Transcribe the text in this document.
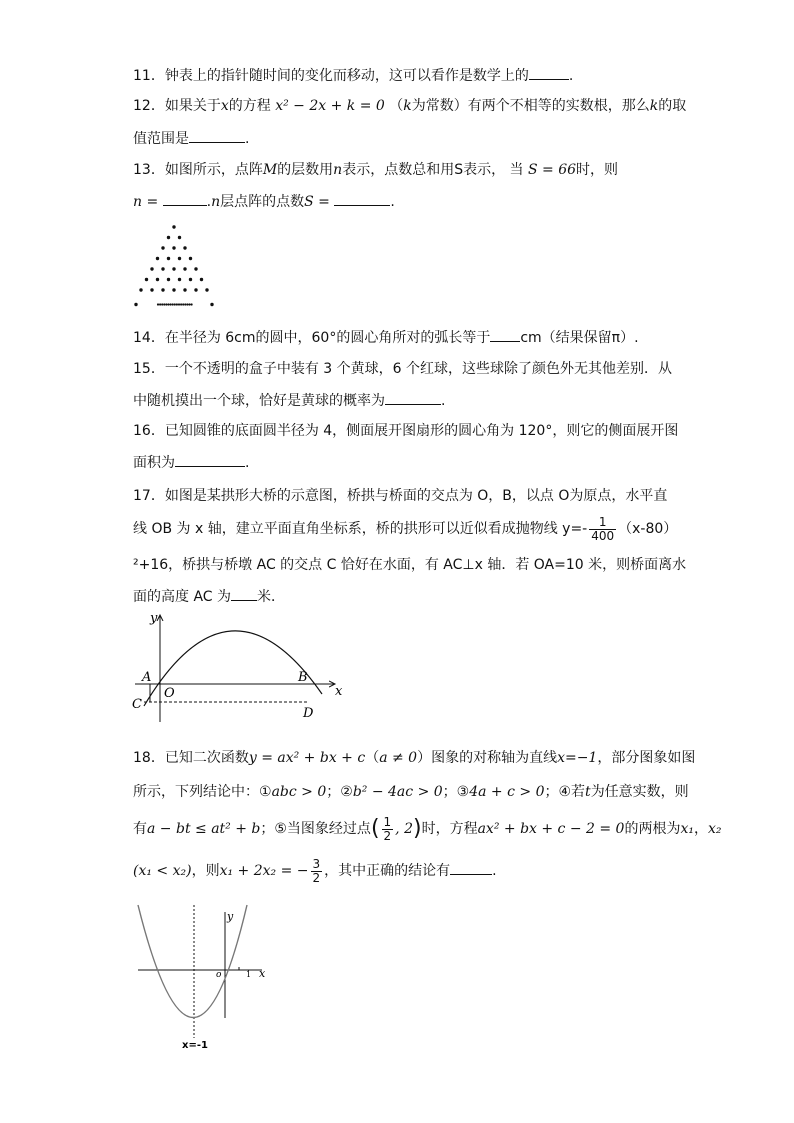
11．钟表上的指针随时间的变化而移动，这可以看作是数学上的	.
12．如果关于x的方程 x² − 2x + k = 0 （k为常数）有两个不相等的实数根，那么k的取
值范围是	.
13．如图所示，点阵M的层数用n表示，点数总和用S表示， 当 S = 66时，则
n =	.n层点阵的点数S =	.
14．在半径为 6cm的圆中，60°的圆心角所对的弧长等于 cm（结果保留π）.
15．一个不透明的盒子中装有 3 个黄球，6 个红球，这些球除了颜色外无其他差别．从
中随机摸出一个球，恰好是黄球的概率为	.
16．已知圆锥的底面圆半径为 4，侧面展开图扇形的圆心角为 120°，则它的侧面展开图
面积为	.
17．如图是某拱形大桥的示意图，桥拱与桥面的交点为 O，B，以点 O为原点，水平直
线 OB 为 x 轴，建立平面直角坐标系，桥的拱形可以近似看成抛物线 $y=- \frac{1}{400} (x-80)$
²+16，桥拱与桥墩 AC 的交点 C 恰好在水面，有 AC⊥x 轴．若 OA=10 米，则桥面离水
面的高度 AC 为 米．
y
x
A
O
B
C
D
18．已知二次函数y = ax² + bx + c（a ≠ 0）图象的对称轴为直线x=−1，部分图象如图
所示，下列结论中：①abc > 0；②b² − 4ac > 0；③4a + c > 0；④若t为任意实数，则
有a − bt ≤ at² + b；⑤当图象经过点( $\frac{1}{2}$ , 2)时，方程ax² + bx + c − 2 = 0的两根为x₁，x₂
(x₁ < x₂)，则x₁ + 2x₂ = − $\frac{3}{2}$ ，其中正确的结论有	.
y
x
o	1
x=-1
